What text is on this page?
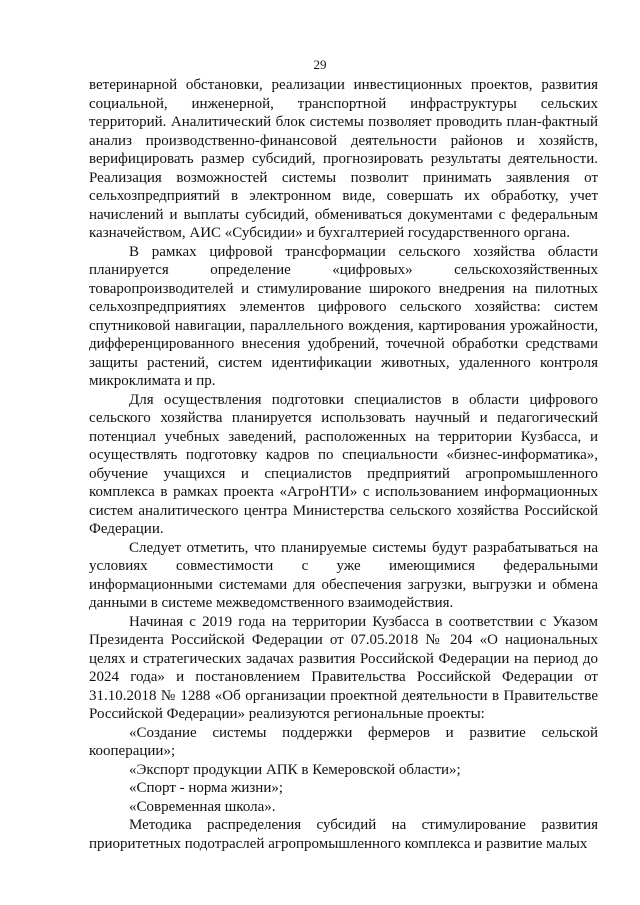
29

ветеринарной обстановки, реализации инвестиционных проектов, развития социальной, инженерной, транспортной инфраструктуры сельских территорий. Аналитический блок системы позволяет проводить план-фактный анализ производственно-финансовой деятельности районов и хозяйств, верифицировать размер субсидий, прогнозировать результаты деятельности. Реализация возможностей системы позволит принимать заявления от сельхозпредприятий в электронном виде, совершать их обработку, учет начислений и выплаты субсидий, обмениваться документами с федеральным казначейством, АИС «Субсидии» и бухгалтерией государственного органа.

В рамках цифровой трансформации сельского хозяйства области планируется определение «цифровых» сельскохозяйственных товаропроизводителей и стимулирование широкого внедрения на пилотных сельхозпредприятиях элементов цифрового сельского хозяйства: систем спутниковой навигации, параллельного вождения, картирования урожайности, дифференцированного внесения удобрений, точечной обработки средствами защиты растений, систем идентификации животных, удаленного контроля микроклимата и пр.

Для осуществления подготовки специалистов в области цифрового сельского хозяйства планируется использовать научный и педагогический потенциал учебных заведений, расположенных на территории Кузбасса, и осуществлять подготовку кадров по специальности «бизнес-информатика», обучение учащихся и специалистов предприятий агропромышленного комплекса в рамках проекта «АгроНТИ» с использованием информационных систем аналитического центра Министерства сельского хозяйства Российской Федерации.

Следует отметить, что планируемые системы будут разрабатываться на условиях совместимости с уже имеющимися федеральными информационными системами для обеспечения загрузки, выгрузки и обмена данными в системе межведомственного взаимодействия.

Начиная с 2019 года на территории Кузбасса в соответствии с Указом Президента Российской Федерации от 07.05.2018 № 204 «О национальных целях и стратегических задачах развития Российской Федерации на период до 2024 года» и постановлением Правительства Российской Федерации от 31.10.2018 № 1288 «Об организации проектной деятельности в Правительстве Российской Федерации» реализуются региональные проекты:

«Создание системы поддержки фермеров и развитие сельской кооперации»;

«Экспорт продукции АПК в Кемеровской области»;

«Спорт - норма жизни»;

«Современная школа».

Методика распределения субсидий на стимулирование развития приоритетных подотраслей агропромышленного комплекса и развитие малых
